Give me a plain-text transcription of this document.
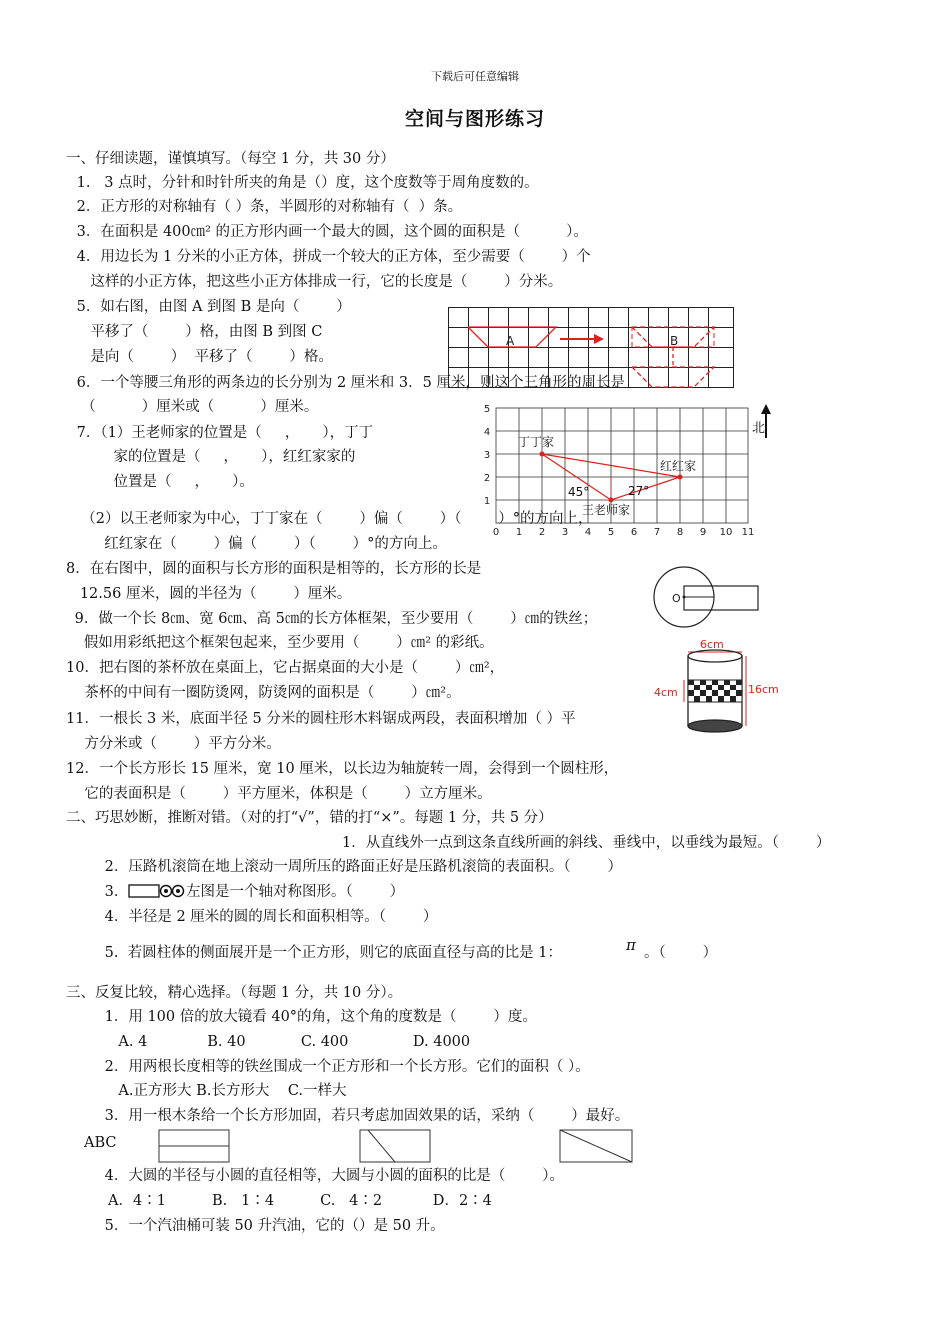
下载后可任意编辑
空间与图形练习
一、仔细读题，谨慎填写。（每空 1 分，共 30 分）
1.   3 点时，分针和时针所夹的角是（）度，这个度数等于周角度数的。
2．正方形的对称轴有（ ）条，半圆形的对称轴有（  ）条。
3．在面积是 400㎝² 的正方形内画一个最大的圆，这个圆的面积是（          ）。
4．用边长为 1 分米的小正方体，拼成一个较大的正方体，至少需要（        ）个
这样的小正方体，把这些小正方体排成一行，它的长度是（        ）分米。
5．如右图，由图 A 到图 B 是向（        ）
平移了（        ）格，由图 B 到图 C
是向（        ）  平移了（        ）格。
6．一个等腰三角形的两条边的长分别为 2 厘米和 3．5 厘米，则这个三角形的周长是
（          ）厘米或（          ）厘米。
7．（1）王老师家的位置是（     ，     ），丁丁
家的位置是（     ，     ），红红家家的
位置是（     ，     ）。
（2）以王老师家为中心，丁丁家在（        ）偏（        ）（        ）°的方向上，
红红家在（        ）偏（        ）（        ）°的方向上。
8．在右图中，圆的面积与长方形的面积是相等的，长方形的长是
12.56 厘米，圆的半径为（        ）厘米。
9．做一个长 8㎝、宽 6㎝、高 5㎝的长方体框架，至少要用（        ）㎝的铁丝；
假如用彩纸把这个框架包起来，至少要用（        ）㎝² 的彩纸。
10．把右图的茶杯放在桌面上，它占据桌面的大小是（        ）㎝²，
茶杯的中间有一圈防烫网，防烫网的面积是（        ）㎝²。
11．一根长 3 米，底面半径 5 分米的圆柱形木料锯成两段，表面积增加（ ）平
方分米或（        ）平方分米。
12．一个长方形长 15 厘米，宽 10 厘米，以长边为轴旋转一周，会得到一个圆柱形，
它的表面积是（        ）平方厘米，体积是（        ）立方厘米。
二、巧思妙断，推断对错。（对的打“√”，错的打“×”。每题 1 分，共 5 分）
1．从直线外一点到这条直线所画的斜线、垂线中，以垂线为最短。（        ）
2．压路机滚筒在地上滚动一周所压的路面正好是压路机滚筒的表面积。（        ）
3．	左图是一个轴对称图形。（        ）
4．半径是 2 厘米的圆的周长和面积相等。（        ）
5.  若圆柱体的侧面展开是一个正方形，则它的底面直径与高的比是 1：	π 。（        ）
三、反复比较，精心选择。（每题 1 分，共 10 分）。
1．用 100 倍的放大镜看 40°的角，这个角的度数是（        ）度。
A. 4             B. 40            C. 400              D. 4000
2．用两根长度相等的铁丝围成一个正方形和一个长方形。它们的面积（ ）。
A.正方形大 B.长方形大    C.一样大
3．用一根木条给一个长方形加固，若只考虑加固效果的话，采纳（        ）最好。
ABC
4．大圆的半径与小圆的直径相等，大圆与小圆的面积的比是（        ）。
A．4∶1          B.   1∶4          C.   4∶2           D．2∶4
5．一个汽油桶可装 50 升汽油，它的（）是 50 升。
A	B
0 1 2 3 4 5 6 7 8 9 10 11
1
2
3
4
5
丁丁家
红红家
45°	27°
王老师家
北
O
6cm
4cm	16cm
